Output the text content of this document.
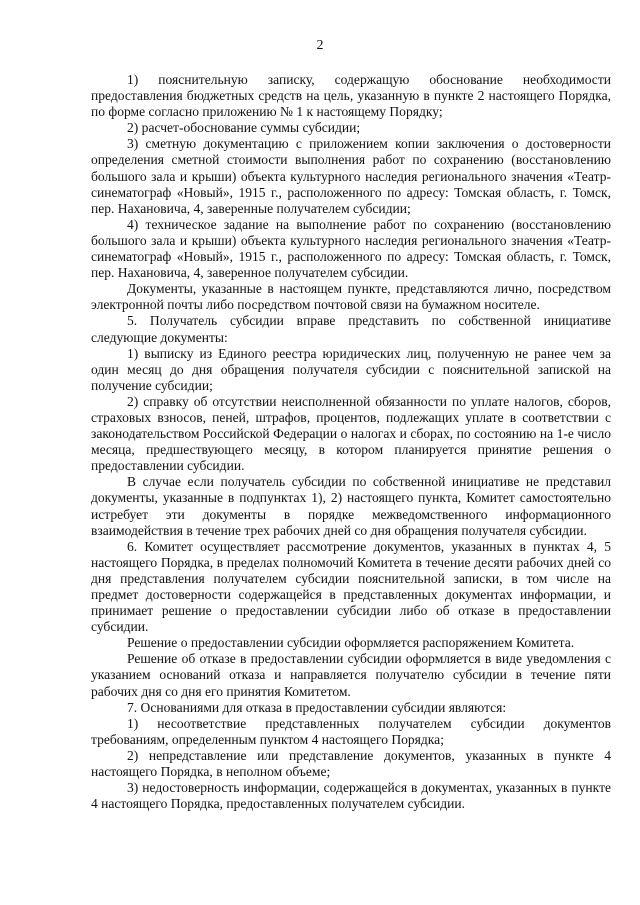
2

1) пояснительную записку, содержащую обоснование необходимости предоставления бюджетных средств на цель, указанную в пункте 2 настоящего Порядка, по форме согласно приложению № 1 к настоящему Порядку;

2) расчет-обоснование суммы субсидии;

3) сметную документацию с приложением копии заключения о достоверности определения сметной стоимости выполнения работ по сохранению (восстановлению большого зала и крыши) объекта культурного наследия регионального значения «Театр-синематограф «Новый», 1915 г., расположенного по адресу: Томская область, г. Томск, пер. Нахановича, 4, заверенные получателем субсидии;

4) техническое задание на выполнение работ по сохранению (восстановлению большого зала и крыши) объекта культурного наследия регионального значения «Театр-синематограф «Новый», 1915 г., расположенного по адресу: Томская область, г. Томск, пер. Нахановича, 4, заверенное получателем субсидии.

Документы, указанные в настоящем пункте, представляются лично, посредством электронной почты либо посредством почтовой связи на бумажном носителе.

5. Получатель субсидии вправе представить по собственной инициативе следующие документы:

1) выписку из Единого реестра юридических лиц, полученную не ранее чем за один месяц до дня обращения получателя субсидии с пояснительной запиской на получение субсидии;

2) справку об отсутствии неисполненной обязанности по уплате налогов, сборов, страховых взносов, пеней, штрафов, процентов, подлежащих уплате в соответствии с законодательством Российской Федерации о налогах и сборах, по состоянию на 1-е число месяца, предшествующего месяцу, в котором планируется принятие решения о предоставлении субсидии.

В случае если получатель субсидии по собственной инициативе не представил документы, указанные в подпунктах 1), 2) настоящего пункта, Комитет самостоятельно истребует эти документы в порядке межведомственного информационного взаимодействия в течение трех рабочих дней со дня обращения получателя субсидии.

6. Комитет осуществляет рассмотрение документов, указанных в пунктах 4, 5 настоящего Порядка, в пределах полномочий Комитета в течение десяти рабочих дней со дня представления получателем субсидии пояснительной записки, в том числе на предмет достоверности содержащейся в представленных документах информации, и принимает решение о предоставлении субсидии либо об отказе в предоставлении субсидии.

Решение о предоставлении субсидии оформляется распоряжением Комитета.

Решение об отказе в предоставлении субсидии оформляется в виде уведомления с указанием оснований отказа и направляется получателю субсидии в течение пяти рабочих дня со дня его принятия Комитетом.

7. Основаниями для отказа в предоставлении субсидии являются:

1) несоответствие представленных получателем субсидии документов требованиям, определенным пунктом 4 настоящего Порядка;

2) непредставление или представление документов, указанных в пункте 4 настоящего Порядка, в неполном объеме;

3) недостоверность информации, содержащейся в документах, указанных в пункте 4 настоящего Порядка, предоставленных получателем субсидии.
